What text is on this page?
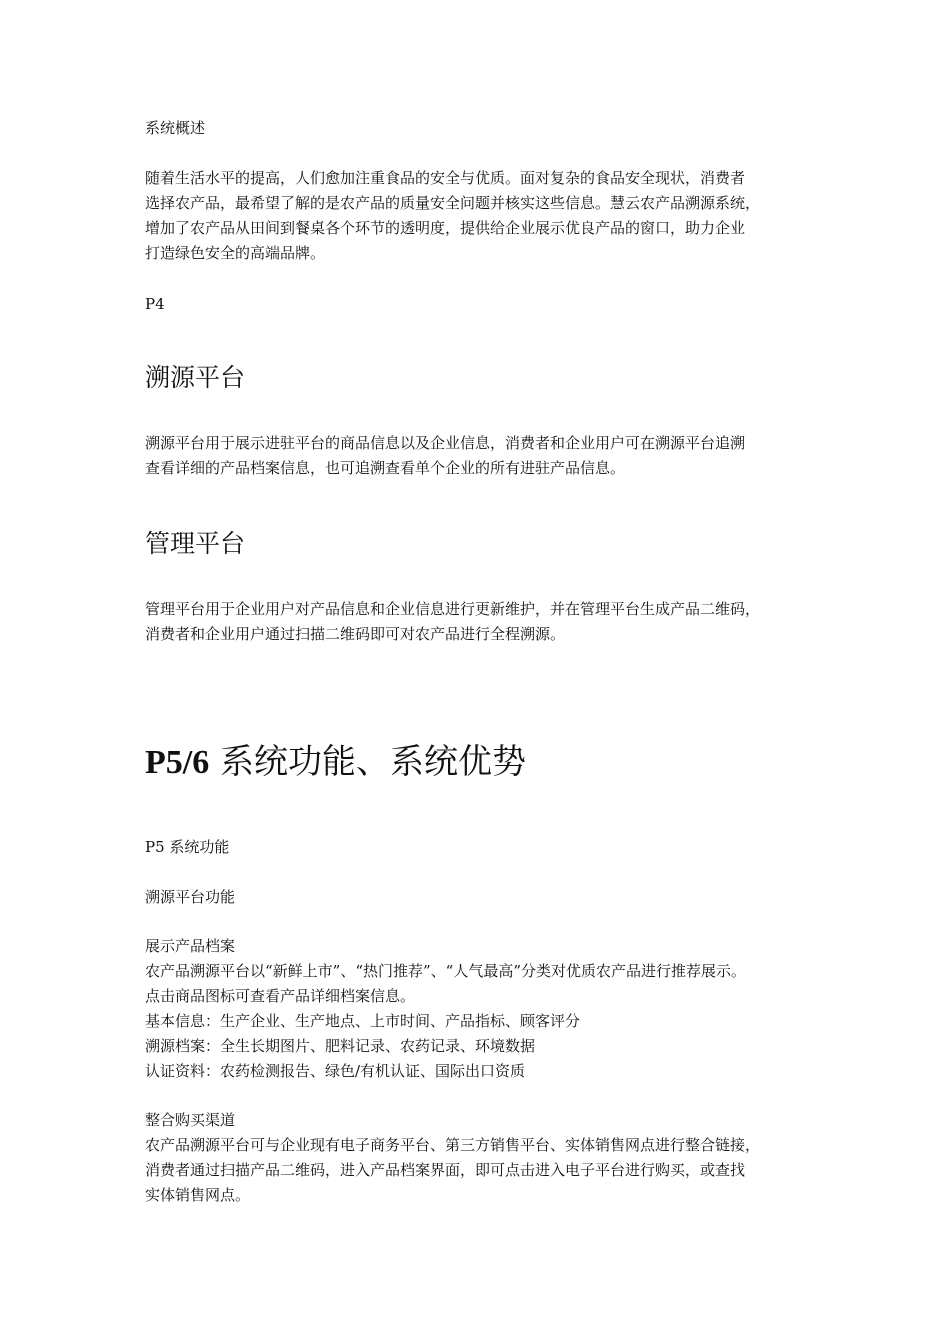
系统概述

随着生活水平的提高，人们愈加注重食品的安全与优质。面对复杂的食品安全现状，消费者
选择农产品，最希望了解的是农产品的质量安全问题并核实这些信息。慧云农产品溯源系统，
增加了农产品从田间到餐桌各个环节的透明度，提供给企业展示优良产品的窗口，助力企业
打造绿色安全的高端品牌。

P4

溯源平台
溯源平台用于展示进驻平台的商品信息以及企业信息，消费者和企业用户可在溯源平台追溯
查看详细的产品档案信息，也可追溯查看单个企业的所有进驻产品信息。
管理平台
管理平台用于企业用户对产品信息和企业信息进行更新维护，并在管理平台生成产品二维码，
消费者和企业用户通过扫描二维码即可对农产品进行全程溯源。
P5/6 系统功能、系统优势

P5 系统功能

溯源平台功能

展示产品档案
农产品溯源平台以“新鲜上市”、“热门推荐”、“人气最高”分类对优质农产品进行推荐展示。
点击商品图标可查看产品详细档案信息。
基本信息：生产企业、生产地点、上市时间、产品指标、顾客评分
溯源档案：全生长期图片、肥料记录、农药记录、环境数据
认证资料：农药检测报告、绿色/有机认证、国际出口资质
整合购买渠道
农产品溯源平台可与企业现有电子商务平台、第三方销售平台、实体销售网点进行整合链接，
消费者通过扫描产品二维码，进入产品档案界面，即可点击进入电子平台进行购买，或查找
实体销售网点。
